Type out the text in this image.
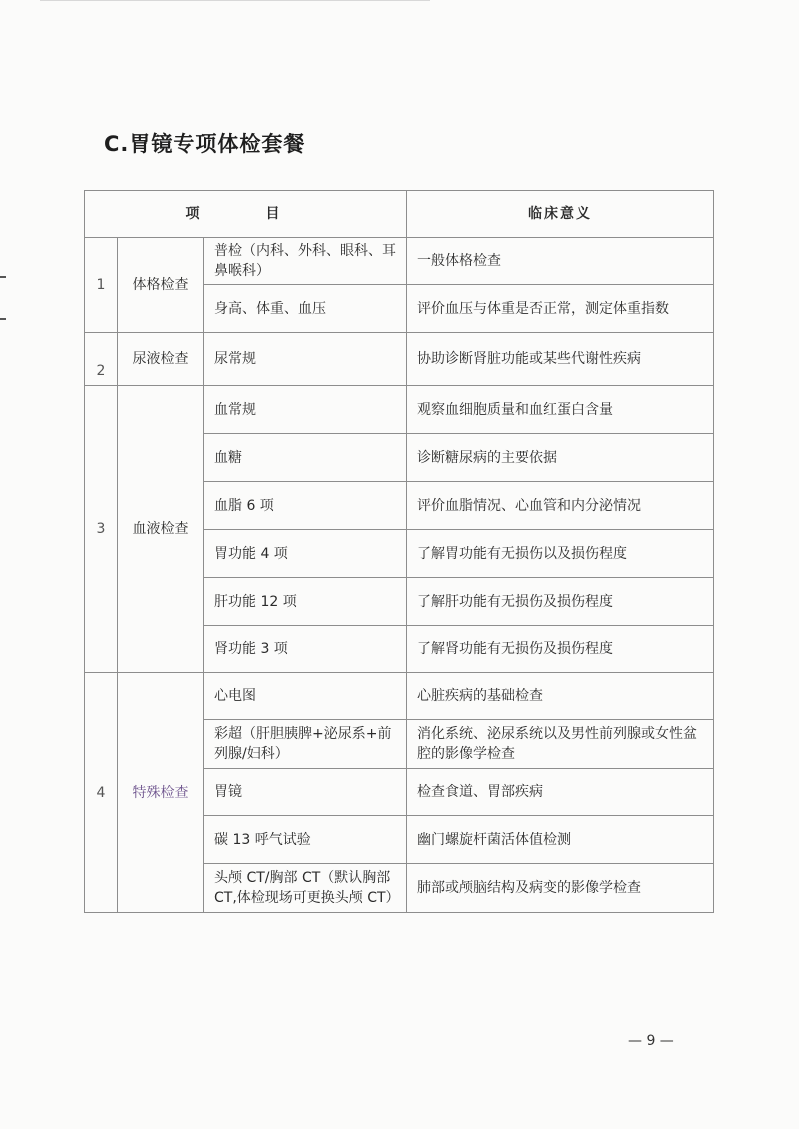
C.胃镜专项体检套餐
项　目			临床意义
1	体格检查	普检（内科、外科、眼科、耳鼻喉科）	一般体格检查
		身高、体重、血压	评价血压与体重是否正常，测定体重指数
2	尿液检查	尿常规	协助诊断肾脏功能或某些代谢性疾病
3	血液检查	血常规	观察血细胞质量和血红蛋白含量
		血糖	诊断糖尿病的主要依据
		血脂 6 项	评价血脂情况、心血管和内分泌情况
		胃功能 4 项	了解胃功能有无损伤以及损伤程度
		肝功能 12 项	了解肝功能有无损伤及损伤程度
		肾功能 3 项	了解肾功能有无损伤及损伤程度
4	特殊检查	心电图	心脏疾病的基础检查
		彩超（肝胆胰脾+泌尿系+前列腺/妇科）	消化系统、泌尿系统以及男性前列腺或女性盆腔的影像学检查
		胃镜	检查食道、胃部疾病
		碳 13 呼气试验	幽门螺旋杆菌活体值检测
		头颅 CT/胸部 CT（默认胸部 CT,体检现场可更换头颅 CT）	肺部或颅脑结构及病变的影像学检查
— 9 —
